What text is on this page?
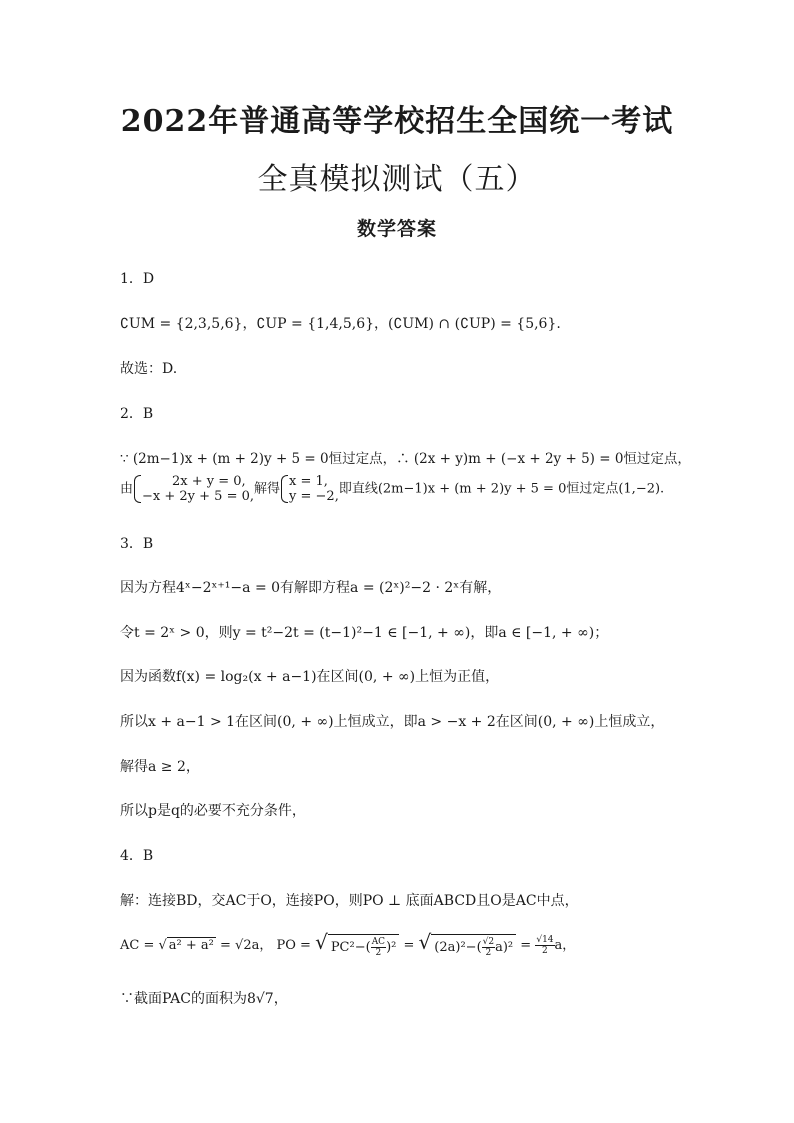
2022年普通高等学校招生全国统一考试
全真模拟测试（五）
数学答案
1．D
∁UM = {2,3,5,6}，∁UP = {1,4,5,6}，(∁UM) ∩ (∁UP) = {5,6}.
故选：D.
2．B
∵ (2m−1)x + (m + 2)y + 5 = 0恒过定点，∴ (2x + y)m + (−x + 2y + 5) = 0恒过定点，
由	2x + y = 0,
−x + 2y + 5 = 0, 解得 x = 1,
y = −2, 即直线(2m−1)x + (m + 2)y + 5 = 0恒过定点(1,−2).
3．B
因为方程4ˣ−2ˣ⁺¹−a = 0有解即方程a = (2ˣ)²−2 · 2ˣ有解，
令t = 2ˣ > 0，则y = t²−2t = (t−1)²−1 ∈ [−1, + ∞)，即a ∈ [−1, + ∞)；
因为函数f(x) = log₂(x + a−1)在区间(0, + ∞)上恒为正值，
所以x + a−1 > 1在区间(0, + ∞)上恒成立，即a > −x + 2在区间(0, + ∞)上恒成立，
解得a ≥ 2，
所以p是q的必要不充分条件，
4．B
解：连接BD，交AC于O，连接PO，则PO ⊥ 底面ABCD且O是AC中点，
AC = √ a² + a² = √2a， PO = √ $PC^2-( \frac{AC}{2} )^2$ = √ $(2a)^2-( \frac{√2}{2} a)^2 = \frac{√14}{2}$ a，
∵截面PAC的面积为8√7，
